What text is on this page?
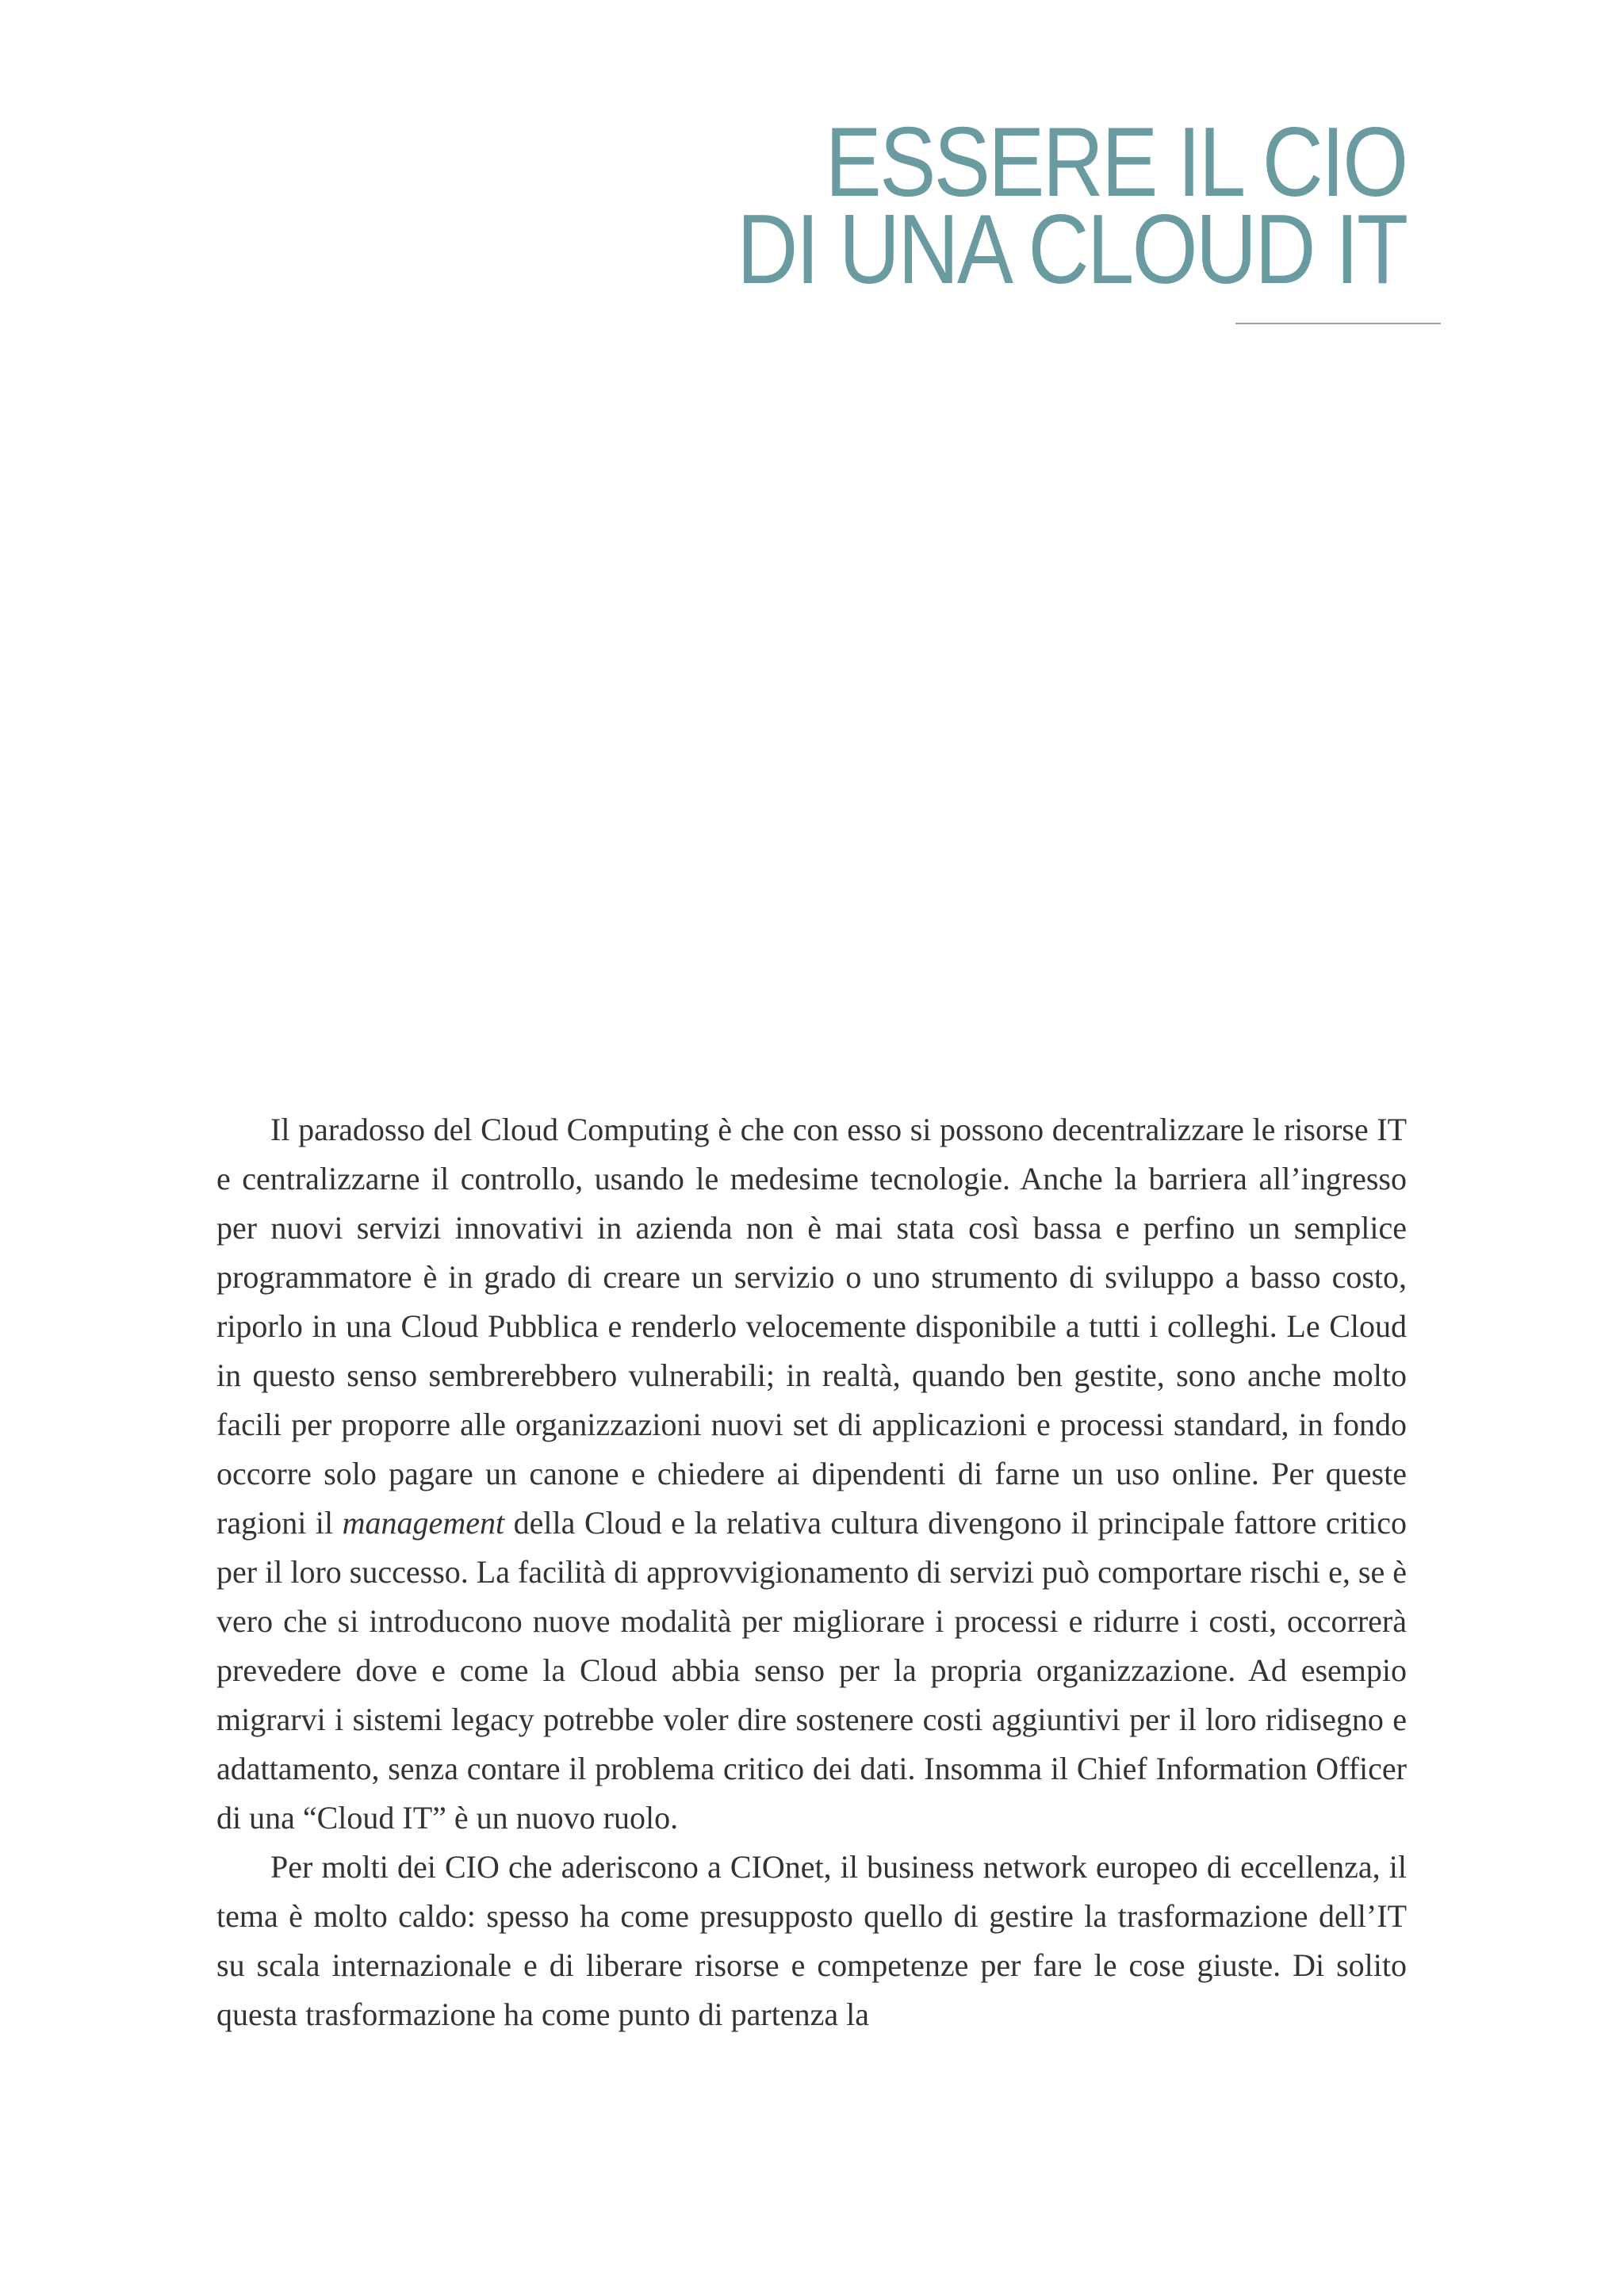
ESSERE IL CIO
DI UNA CLOUD IT

Il paradosso del Cloud Computing è che con esso si possono decentralizzare le risorse IT e centralizzarne il controllo, usando le medesime tecnologie. Anche la barriera all’ingresso per nuovi servizi innovativi in azienda non è mai stata così bassa e perfino un semplice programmatore è in grado di creare un servizio o uno strumento di sviluppo a basso costo, riporlo in una Cloud Pubblica e renderlo velocemente disponibile a tutti i colleghi. Le Cloud in questo senso sembrerebbero vulnerabili; in realtà, quando ben gestite, sono anche molto facili per proporre alle organizzazioni nuovi set di applicazioni e processi standard, in fondo occorre solo pagare un canone e chiedere ai dipendenti di farne un uso online. Per queste ragioni il management della Cloud e la relativa cultura divengono il principale fattore critico per il loro successo. La facilità di approvvigionamento di servizi può comportare rischi e, se è vero che si introducono nuove modalità per migliorare i processi e ridurre i costi, occorrerà prevedere dove e come la Cloud abbia senso per la propria organizzazione. Ad esempio migrarvi i sistemi legacy potrebbe voler dire sostenere costi aggiuntivi per il loro ridisegno e adattamento, senza contare il problema critico dei dati. Insomma il Chief Information Officer di una “Cloud IT” è un nuovo ruolo.

Per molti dei CIO che aderiscono a CIOnet, il business network europeo di eccellenza, il tema è molto caldo: spesso ha come presupposto quello di gestire la trasformazione dell’IT su scala internazionale e di liberare risorse e competenze per fare le cose giuste. Di solito questa trasformazione ha come punto di partenza la
